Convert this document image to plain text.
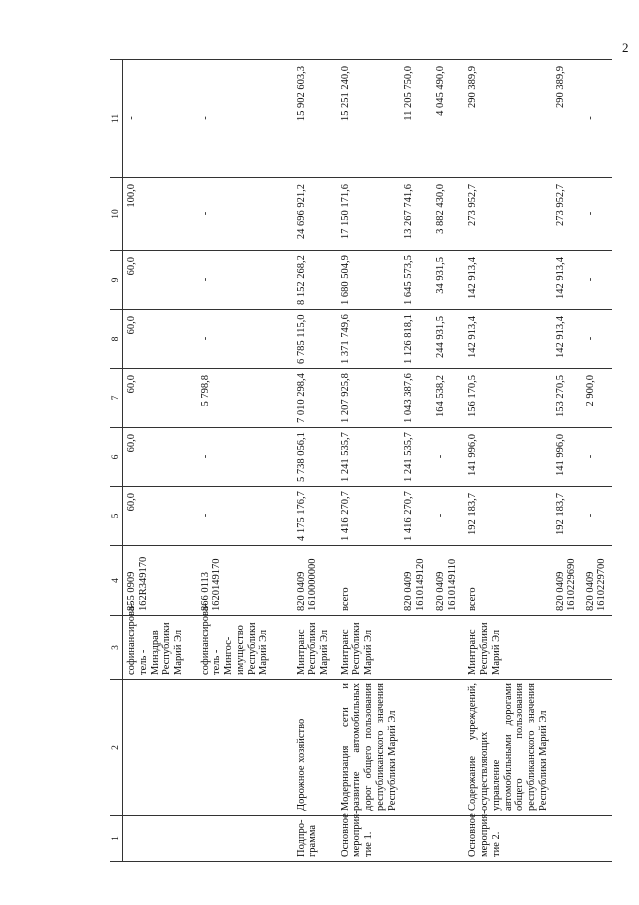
2
1	2	3	4	5	6	7	8	9	10	11
		софинансирова-тель -
Минздрав
Республики
Марий Эл	855 0909
162R349170	60,0	60,0	60,0	60,0	60,0	100,0	-
		софинансирова-тель -
Мингос-
имущество
Республики
Марий Эл	866 0113
1620149170	-	-	5 798,8	-	-	-	-
Подпро-
грамма	Дорожное хозяйство	Минтранс
Республики
Марий Эл	820 0409
1610000000	4 175 176,7	5 738 056,1	7 010 298,4	6 785 115,0	8 152 268,2	24 696 921,2	15 902 603,3
Основное
мероприя-
тие 1.	Модернизация сети и развитие автомобильных дорог общего пользования республиканского значения Республики Марий Эл	Минтранс
Республики
Марий Эл	всего	1 416 270,7	1 241 535,7	1 207 925,8	1 371 749,6	1 680 504,9	17 150 171,6	15 251 240,0
			820 0409
1610149120	1 416 270,7	1 241 535,7	1 043 387,6	1 126 818,1	1 645 573,5	13 267 741,6	11 205 750,0
			820 0409
1610149110	-	-	164 538,2	244 931,5	34 931,5	3 882 430,0	4 045 490,0
Основное
мероприя-
тие 2.	Содержание учреждений, осуществляющих управление автомобильными дорогами общего пользования республиканского значения Республики Марий Эл	Минтранс
Республики
Марий Эл	всего	192 183,7	141 996,0	156 170,5	142 913,4	142 913,4	273 952,7	290 389,9
			820 0409
1610229690	192 183,7	141 996,0	153 270,5	142 913,4	142 913,4	273 952,7	290 389,9
			820 0409
1610229700	-	-	2 900,0	-	-	-	-
